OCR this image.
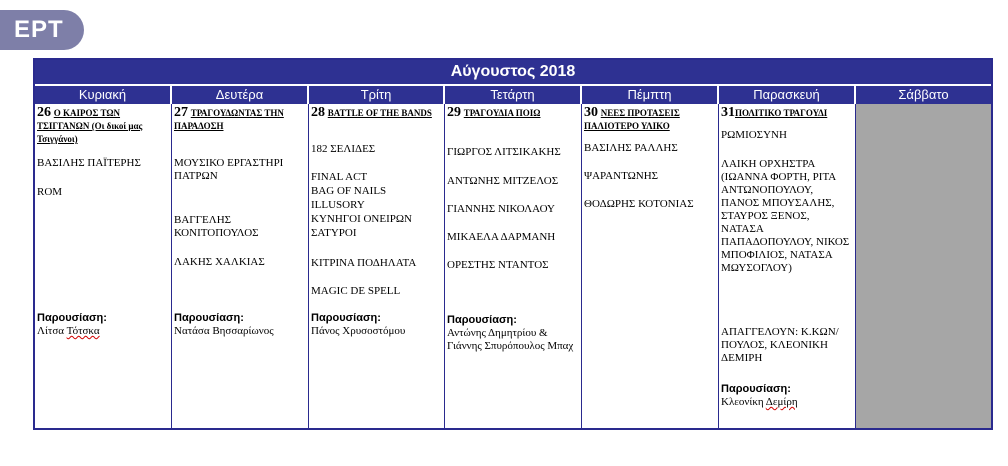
ΕΡΤ
Αύγουστος 2018
Κυριακή	Δευτέρα	Τρίτη	Τετάρτη	Πέμπτη	Παρασκευή	Σάββατο
26 Ο ΚΑΙΡΟΣ ΤΩΝ ΤΣΙΓΓΑΝΩΝ (Οι δικοί μας Τσιγγάνοι)
ΒΑΣΙΛΗΣ ΠΑΪΤΕΡΗΣ
ROM
Παρουσίαση:
Λίτσα Τότσκα
27 ΤΡΑΓΟΥΔΩΝΤΑΣ ΤΗΝ ΠΑΡΑΔΟΣΗ
ΜΟΥΣΙΚΟ ΕΡΓΑΣΤΗΡΙ ΠΑΤΡΩΝ
ΒΑΓΓΕΛΗΣ ΚΟΝΙΤΟΠΟΥΛΟΣ
ΛΑΚΗΣ ΧΑΛΚΙΑΣ
Παρουσίαση:
Νατάσα Βησσαρίωνος
28 BATTLE OF THE BANDS
182 ΣΕΛΙΔΕΣ
FINAL ACT
BAG OF NAILS
ILLUSORY
ΚΥΝΗΓΟΙ ΟΝΕΙΡΩΝ
ΣΑΤΥΡΟΙ
ΚΙΤΡΙΝΑ ΠΟΔΗΛΑΤΑ
MAGIC DE SPELL
Παρουσίαση:
Πάνος Χρυσοστόμου
29 ΤΡΑΓΟΥΔΙΑ ΠΟΙΩ
ΓΙΩΡΓΟΣ ΛΙΤΣΙΚΑΚΗΣ
ΑΝΤΩΝΗΣ ΜΙΤΖΕΛΟΣ
ΓΙΑΝΝΗΣ ΝΙΚΟΛΑΟΥ
ΜΙΚΑΕΛΑ ΔΑΡΜΑΝΗ
ΟΡΕΣΤΗΣ ΝΤΑΝΤΟΣ
Παρουσίαση:
Αντώνης Δημητρίου & Γιάννης Σπυρόπουλος Μπαχ
30 ΝΕΕΣ ΠΡΟΤΑΣΕΙΣ ΠΑΛΙΟΤΕΡΟ ΥΛΙΚΟ
ΒΑΣΙΛΗΣ ΡΑΛΛΗΣ
ΨΑΡΑΝΤΩΝΗΣ
ΘΟΔΩΡΗΣ ΚΟΤΟΝΙΑΣ
31ΠΟΛΙΤΙΚΟ ΤΡΑΓΟΥΔΙ
ΡΩΜΙΟΣΥΝΗ
ΛΑΙΚΗ ΟΡΧΗΣΤΡΑ (ΙΩΑΝΝΑ ΦΟΡΤΗ, ΡΙΤΑ ΑΝΤΩΝΟΠΟΥΛΟΥ, ΠΑΝΟΣ ΜΠΟΥΣΑΛΗΣ, ΣΤΑΥΡΟΣ ΞΕΝΟΣ, ΝΑΤΑΣΑ ΠΑΠΑΔΟΠΟΥΛΟΥ, ΝΙΚΟΣ ΜΠΟΦΙΛΙΟΣ, ΝΑΤΑΣΑ ΜΩΥΣΟΓΛΟΥ)
ΑΠΑΓΓΕΛΟΥΝ: Κ.ΚΩΝ/ΠΟΥΛΟΣ, ΚΛΕΟΝΙΚΗ ΔΕΜΙΡΗ
Παρουσίαση:
Κλεονίκη Δεμίρη
